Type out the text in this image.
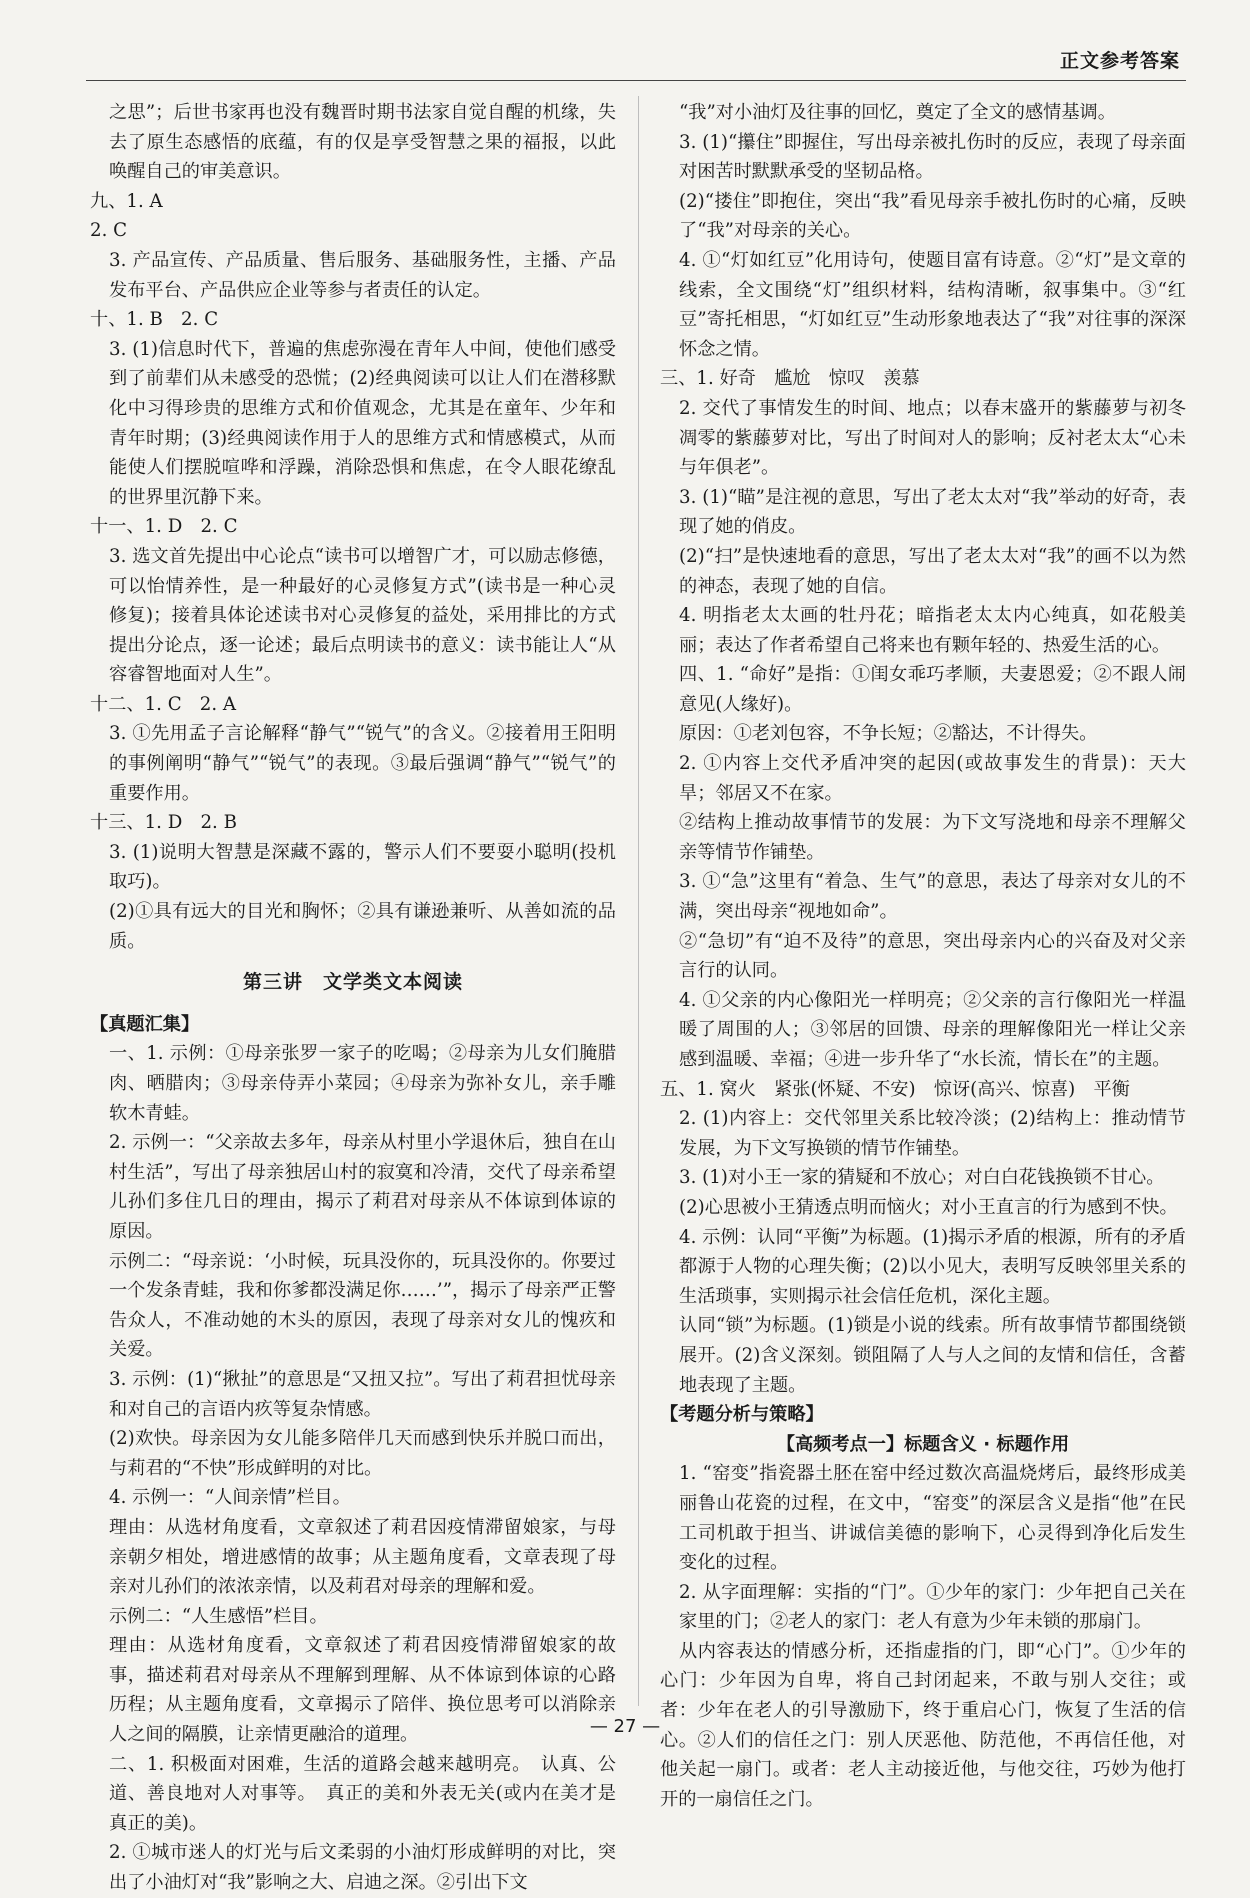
正文参考答案

之思”；后世书家再也没有魏晋时期书法家自觉自醒的机缘，失去了原生态感悟的底蕴，有的仅是享受智慧之果的福报，以此唤醒自己的审美意识。

九、1. A

2. C

3. 产品宣传、产品质量、售后服务、基础服务性，主播、产品发布平台、产品供应企业等参与者责任的认定。

十、1. B　2. C

3. (1)信息时代下，普遍的焦虑弥漫在青年人中间，使他们感受到了前辈们从未感受的恐慌；(2)经典阅读可以让人们在潜移默化中习得珍贵的思维方式和价值观念，尤其是在童年、少年和青年时期；(3)经典阅读作用于人的思维方式和情感模式，从而能使人们摆脱喧哗和浮躁，消除恐惧和焦虑，在令人眼花缭乱的世界里沉静下来。

十一、1. D　2. C

3. 选文首先提出中心论点“读书可以增智广才，可以励志修德，可以怡情养性，是一种最好的心灵修复方式”(读书是一种心灵修复)；接着具体论述读书对心灵修复的益处，采用排比的方式提出分论点，逐一论述；最后点明读书的意义：读书能让人“从容睿智地面对人生”。

十二、1. C　2. A

3. ①先用孟子言论解释“静气”“锐气”的含义。②接着用王阳明的事例阐明“静气”“锐气”的表现。③最后强调“静气”“锐气”的重要作用。

十三、1. D　2. B

3. (1)说明大智慧是深藏不露的，警示人们不要耍小聪明(投机取巧)。

(2)①具有远大的目光和胸怀；②具有谦逊兼听、从善如流的品质。

第三讲　文学类文本阅读

【真题汇集】

一、1. 示例：①母亲张罗一家子的吃喝；②母亲为儿女们腌腊肉、晒腊肉；③母亲侍弄小菜园；④母亲为弥补女儿，亲手雕软木青蛙。

2. 示例一：“父亲故去多年，母亲从村里小学退休后，独自在山村生活”，写出了母亲独居山村的寂寞和冷清，交代了母亲希望儿孙们多住几日的理由，揭示了莉君对母亲从不体谅到体谅的原因。

示例二：“母亲说：‘小时候，玩具没你的，玩具没你的。你要过一个发条青蛙，我和你爹都没满足你……’”，揭示了母亲严正警告众人，不准动她的木头的原因，表现了母亲对女儿的愧疚和关爱。

3. 示例：(1)“揪扯”的意思是“又扭又拉”。写出了莉君担忧母亲和对自己的言语内疚等复杂情感。

(2)欢快。母亲因为女儿能多陪伴几天而感到快乐并脱口而出，与莉君的“不快”形成鲜明的对比。

4. 示例一：“人间亲情”栏目。

理由：从选材角度看，文章叙述了莉君因疫情滞留娘家，与母亲朝夕相处，增进感情的故事；从主题角度看，文章表现了母亲对儿孙们的浓浓亲情，以及莉君对母亲的理解和爱。

示例二：“人生感悟”栏目。

理由：从选材角度看，文章叙述了莉君因疫情滞留娘家的故事，描述莉君对母亲从不理解到理解、从不体谅到体谅的心路历程；从主题角度看，文章揭示了陪伴、换位思考可以消除亲人之间的隔膜，让亲情更融洽的道理。

二、1. 积极面对困难，生活的道路会越来越明亮。　认真、公道、善良地对人对事等。　真正的美和外表无关(或内在美才是真正的美)。

2. ①城市迷人的灯光与后文柔弱的小油灯形成鲜明的对比，突出了小油灯对“我”影响之大、启迪之深。②引出下文

“我”对小油灯及往事的回忆，奠定了全文的感情基调。

3. (1)“攥住”即握住，写出母亲被扎伤时的反应，表现了母亲面对困苦时默默承受的坚韧品格。

(2)“搂住”即抱住，突出“我”看见母亲手被扎伤时的心痛，反映了“我”对母亲的关心。

4. ①“灯如红豆”化用诗句，使题目富有诗意。②“灯”是文章的线索，全文围绕“灯”组织材料，结构清晰，叙事集中。③“红豆”寄托相思，“灯如红豆”生动形象地表达了“我”对往事的深深怀念之情。

三、1. 好奇　尴尬　惊叹　羡慕

2. 交代了事情发生的时间、地点；以春末盛开的紫藤萝与初冬凋零的紫藤萝对比，写出了时间对人的影响；反衬老太太“心未与年俱老”。

3. (1)“瞄”是注视的意思，写出了老太太对“我”举动的好奇，表现了她的俏皮。

(2)“扫”是快速地看的意思，写出了老太太对“我”的画不以为然的神态，表现了她的自信。

4. 明指老太太画的牡丹花；暗指老太太内心纯真，如花般美丽；表达了作者希望自己将来也有颗年轻的、热爱生活的心。

四、1. “命好”是指：①闺女乖巧孝顺，夫妻恩爱；②不跟人闹意见(人缘好)。

原因：①老刘包容，不争长短；②豁达，不计得失。

2. ①内容上交代矛盾冲突的起因(或故事发生的背景)：天大旱；邻居又不在家。

②结构上推动故事情节的发展：为下文写浇地和母亲不理解父亲等情节作铺垫。

3. ①“急”这里有“着急、生气”的意思，表达了母亲对女儿的不满，突出母亲“视地如命”。

②“急切”有“迫不及待”的意思，突出母亲内心的兴奋及对父亲言行的认同。

4. ①父亲的内心像阳光一样明亮；②父亲的言行像阳光一样温暖了周围的人；③邻居的回馈、母亲的理解像阳光一样让父亲感到温暖、幸福；④进一步升华了“水长流，情长在”的主题。

五、1. 窝火　紧张(怀疑、不安)　惊讶(高兴、惊喜)　平衡

2. (1)内容上：交代邻里关系比较冷淡；(2)结构上：推动情节发展，为下文写换锁的情节作铺垫。

3. (1)对小王一家的猜疑和不放心；对白白花钱换锁不甘心。

(2)心思被小王猜透点明而恼火；对小王直言的行为感到不快。

4. 示例：认同“平衡”为标题。(1)揭示矛盾的根源，所有的矛盾都源于人物的心理失衡；(2)以小见大，表明写反映邻里关系的生活琐事，实则揭示社会信任危机，深化主题。

认同“锁”为标题。(1)锁是小说的线索。所有故事情节都围绕锁展开。(2)含义深刻。锁阻隔了人与人之间的友情和信任，含蓄地表现了主题。

【考题分析与策略】

【高频考点一】标题含义 · 标题作用

1. “窑变”指瓷器土胚在窑中经过数次高温烧烤后，最终形成美丽鲁山花瓷的过程，在文中，“窑变”的深层含义是指“他”在民工司机敢于担当、讲诚信美德的影响下，心灵得到净化后发生变化的过程。

2. 从字面理解：实指的“门”。①少年的家门：少年把自己关在家里的门；②老人的家门：老人有意为少年未锁的那扇门。

从内容表达的情感分析，还指虚指的门，即“心门”。①少年的心门：少年因为自卑，将自己封闭起来，不敢与别人交往；或者：少年在老人的引导激励下，终于重启心门，恢复了生活的信心。②人们的信任之门：别人厌恶他、防范他，不再信任他，对他关起一扇门。或者：老人主动接近他，与他交往，巧妙为他打开的一扇信任之门。

— 27 —
